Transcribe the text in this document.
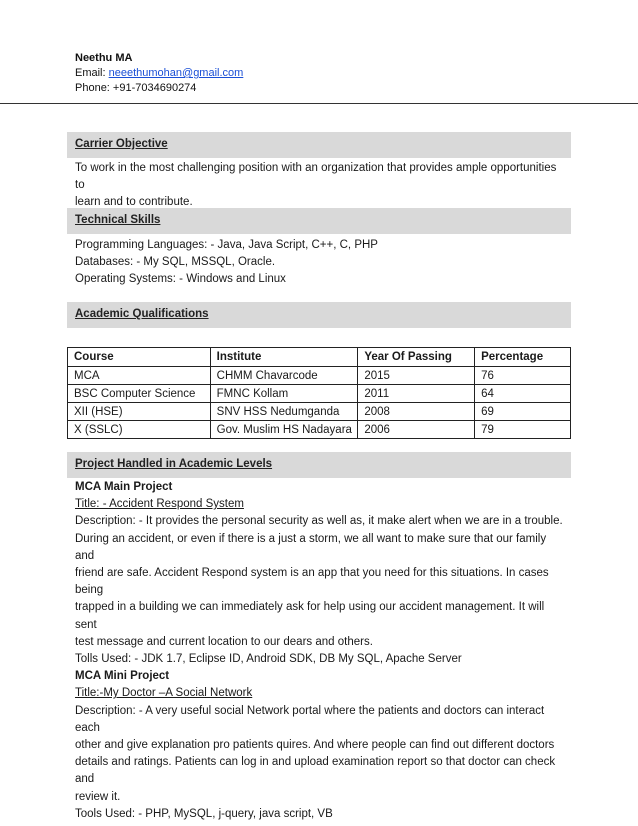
Neethu MA
Email: neeethumohan@gmail.com
Phone: +91-7034690274
Carrier Objective
To work in the most challenging position with an organization that provides ample opportunities to
learn and to contribute.
Technical Skills
Programming Languages: - Java, Java Script, C++, C, PHP
Databases: - My SQL, MSSQL, Oracle.
Operating Systems: - Windows and Linux
Academic Qualifications
Course	Institute	Year Of Passing	Percentage
MCA	CHMM Chavarcode	2015	76
BSC Computer Science	FMNC Kollam	2011	64
XII (HSE)	SNV HSS Nedumganda	2008	69
X (SSLC)	Gov. Muslim HS Nadayara	2006	79
Project Handled in Academic Levels
MCA Main Project
Title: - Accident Respond System
Description: - It provides the personal security as well as, it make alert when we are in a trouble.
During an accident, or even if there is a just a storm, we all want to make sure that our family and
friend are safe. Accident Respond system is an app that you need for this situations. In cases being
trapped in a building we can immediately ask for help using our accident management. It will sent
test message and current location to our dears and others.
Tolls Used: - JDK 1.7, Eclipse ID, Android SDK, DB My SQL, Apache Server
MCA Mini Project
Title:-My Doctor –A Social Network
Description: - A very useful social Network portal where the patients and doctors can interact each
other and give explanation pro patients quires. And where people can find out different doctors
details and ratings. Patients can log in and upload examination report so that doctor can check and
review it.
Tools Used: - PHP, MySQL, j-query, java script, VB
